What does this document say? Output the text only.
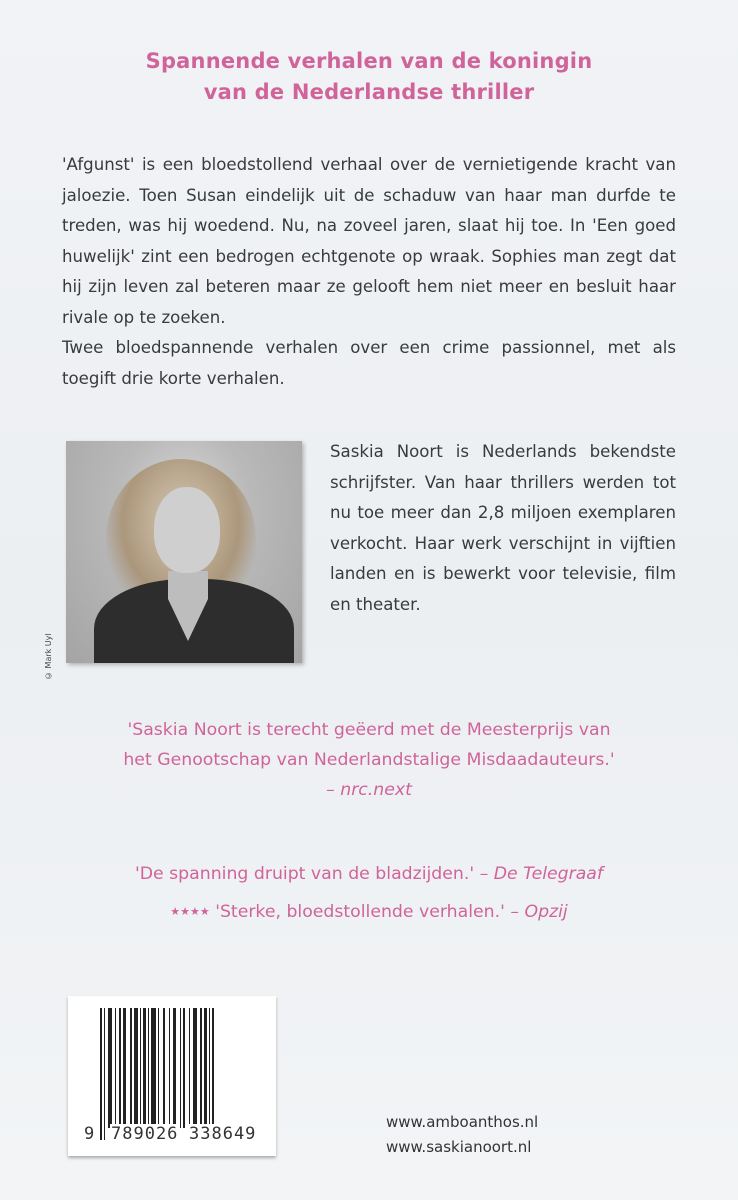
Spannende verhalen van de koningin
van de Nederlandse thriller

'Afgunst' is een bloedstollend verhaal over de vernietigende kracht van jaloezie. Toen Susan eindelijk uit de schaduw van haar man durfde te treden, was hij woedend. Nu, na zoveel jaren, slaat hij toe. In 'Een goed huwelijk' zint een bedrogen echtgenote op wraak. Sophies man zegt dat hij zijn leven zal beteren maar ze gelooft hem niet meer en besluit haar rivale op te zoeken.

Twee bloedspannende verhalen over een crime passionnel, met als toegift drie korte verhalen.

© Mark Uyl

Saskia Noort is Nederlands bekendste schrijfster. Van haar thrillers werden tot nu toe meer dan 2,8 miljoen exemplaren verkocht. Haar werk verschijnt in vijftien landen en is bewerkt voor televisie, film en theater.

'Saskia Noort is terecht geëerd met de Meesterprijs van
het Genootschap van Nederlandstalige Misdaadauteurs.'
– nrc.next
'De spanning druipt van de bladzijden.' – De Telegraaf
★★★★ 'Sterke, bloedstollende verhalen.' – Opzij
9 789026 338649
www.amboanthos.nl
www.saskianoort.nl
